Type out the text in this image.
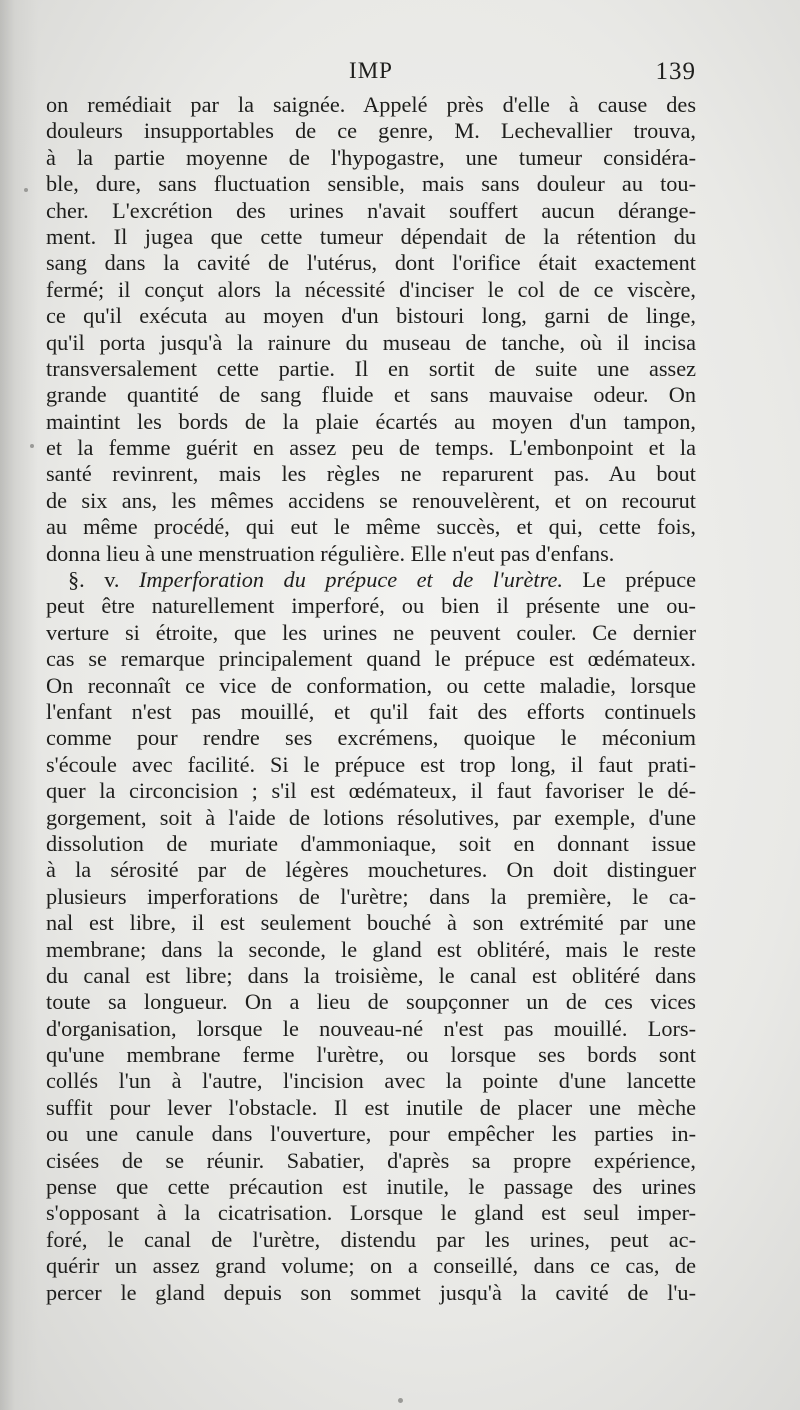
IMP	139
on remédiait par la saignée. Appelé près d'elle à cause des
douleurs insupportables de ce genre, M. Lechevallier trouva,
à la partie moyenne de l'hypogastre, une tumeur considéra-
ble, dure, sans fluctuation sensible, mais sans douleur au tou-
cher. L'excrétion des urines n'avait souffert aucun dérange-
ment. Il jugea que cette tumeur dépendait de la rétention du
sang dans la cavité de l'utérus, dont l'orifice était exactement
fermé; il conçut alors la nécessité d'inciser le col de ce viscère,
ce qu'il exécuta au moyen d'un bistouri long, garni de linge,
qu'il porta jusqu'à la rainure du museau de tanche, où il incisa
transversalement cette partie. Il en sortit de suite une assez
grande quantité de sang fluide et sans mauvaise odeur. On
maintint les bords de la plaie écartés au moyen d'un tampon,
et la femme guérit en assez peu de temps. L'embonpoint et la
santé revinrent, mais les règles ne reparurent pas. Au bout
de six ans, les mêmes accidens se renouvelèrent, et on recourut
au même procédé, qui eut le même succès, et qui, cette fois,
donna lieu à une menstruation régulière. Elle n'eut pas d'enfans.
§. v. Imperforation du prépuce et de l'urètre. Le prépuce
peut être naturellement imperforé, ou bien il présente une ou-
verture si étroite, que les urines ne peuvent couler. Ce dernier
cas se remarque principalement quand le prépuce est œdémateux.
On reconnaît ce vice de conformation, ou cette maladie, lorsque
l'enfant n'est pas mouillé, et qu'il fait des efforts continuels
comme pour rendre ses excrémens, quoique le méconium
s'écoule avec facilité. Si le prépuce est trop long, il faut prati-
quer la circoncision ; s'il est œdémateux, il faut favoriser le dé-
gorgement, soit à l'aide de lotions résolutives, par exemple, d'une
dissolution de muriate d'ammoniaque, soit en donnant issue
à la sérosité par de légères mouchetures. On doit distinguer
plusieurs imperforations de l'urètre; dans la première, le ca-
nal est libre, il est seulement bouché à son extrémité par une
membrane; dans la seconde, le gland est oblitéré, mais le reste
du canal est libre; dans la troisième, le canal est oblitéré dans
toute sa longueur. On a lieu de soupçonner un de ces vices
d'organisation, lorsque le nouveau-né n'est pas mouillé. Lors-
qu'une membrane ferme l'urètre, ou lorsque ses bords sont
collés l'un à l'autre, l'incision avec la pointe d'une lancette
suffit pour lever l'obstacle. Il est inutile de placer une mèche
ou une canule dans l'ouverture, pour empêcher les parties in-
cisées de se réunir. Sabatier, d'après sa propre expérience,
pense que cette précaution est inutile, le passage des urines
s'opposant à la cicatrisation. Lorsque le gland est seul imper-
foré, le canal de l'urètre, distendu par les urines, peut ac-
quérir un assez grand volume; on a conseillé, dans ce cas, de
percer le gland depuis son sommet jusqu'à la cavité de l'u-
